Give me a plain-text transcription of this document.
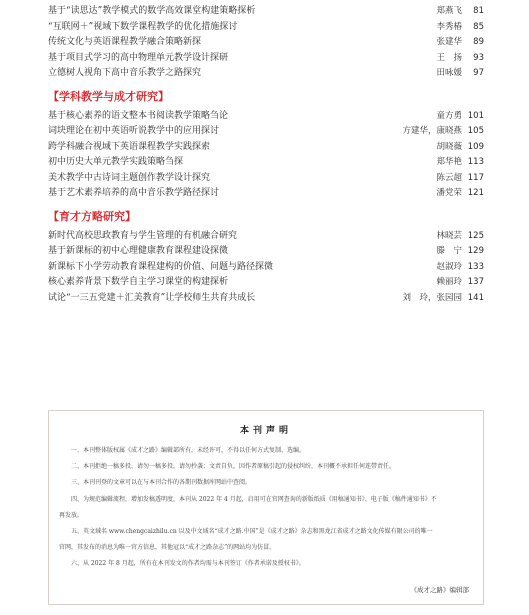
基于“读思达”教学模式的数学高效课堂构建策略探析	郑燕飞	81
“互联网＋”视域下数学课程教学的优化措施探讨	李秀椿	85
传统文化与英语课程教学融合策略新探	张建华	89
基于项目式学习的高中物理单元教学设计探研	王　扬	93
立德树人视角下高中音乐教学之路探究	田咏媛	97
【学科教学与成才研究】
基于核心素养的语文整本书阅读教学策略刍论	童方勇 101
词块理论在初中英语听说教学中的应用探讨	方建华，康晓燕 105
跨学科融合视域下英语课程教学实践探索	胡晓薇 109
初中历史大单元教学实践策略刍探	郑华艳 113
美术教学中古诗词主题创作教学设计探究	陈云超 117
基于艺术素养培养的高中音乐教学路径探讨	潘党荣 121
【育才方略研究】
新时代高校思政教育与学生管理的有机融合研究	林晓芸 125
基于新课标的初中心理健康教育课程建设探微	滕　宁 129
新课标下小学劳动教育课程建构的价值、问题与路径探微	赵淑玲 133
核心素养背景下数学自主学习课堂的构建探析	赖丽玲 137
试论“一三五党建＋汇美教育”让学校师生共育共成长	刘　玲，张园园 141
本刊声明
一、本刊整体版权属《成才之路》编辑部所有，未经许可，不得以任何方式复制、选编。
二、本刊拒绝一稿多投、请勿一稿多投，请勿抄袭；文责自负，因作者原稿引起的侵权纠纷，本刊概不承担任何连带责任。
三、本刊刊登的文章可以在与本刊合作的各期刊数据库网站中查阅。
四、为规范编辑流程，增加发稿透明度，本刊从 2022 年 4 月起，启用可在官网查询的新版纸质《用稿通知书》、电子版《稿件通知书》不
再发放。
五、英文域名 www.chengcaizhilu.cn 以及中文域名“成才之路.中国”是《成才之路》杂志和黑龙江省成才之路文化传媒有限公司的唯一
官网，其发布的消息为唯一官方信息，其他冠以“成才之路杂志”的网站均为仿冒。
六、从 2022 年 8 月起，所有在本刊发文的作者均需与本刊签订《作者承诺及授权书》。
《成才之路》编辑部
